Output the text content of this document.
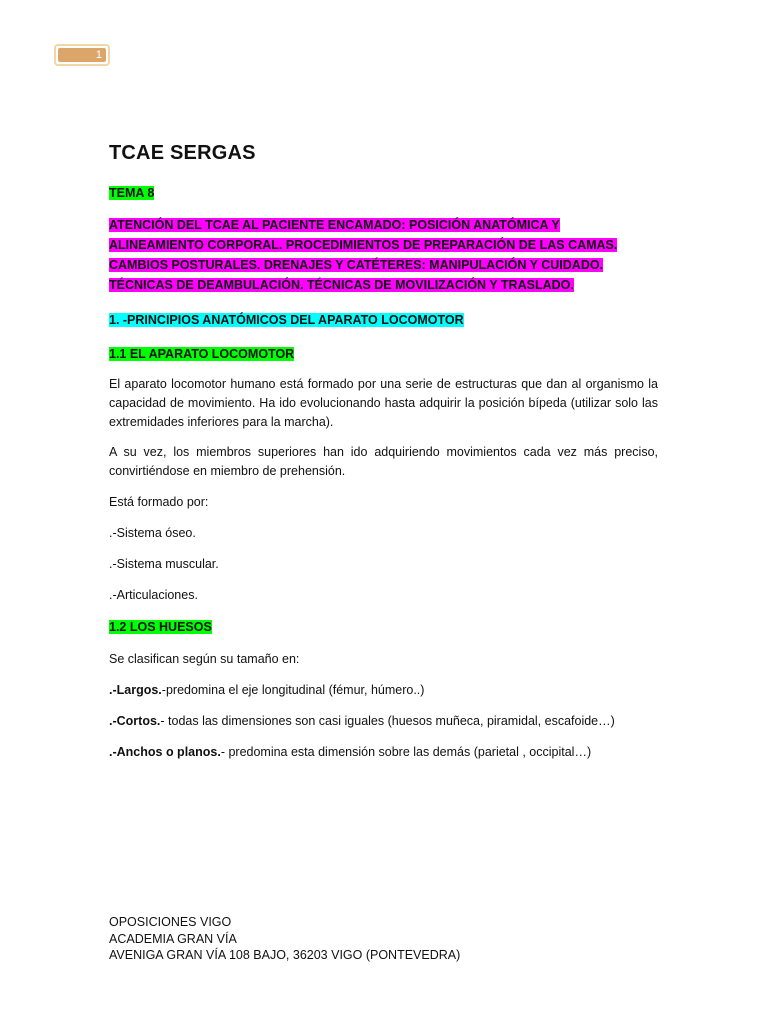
1
TCAE SERGAS
TEMA 8
ATENCIÓN DEL TCAE AL PACIENTE ENCAMADO: POSICIÓN ANATÓMICA Y
ALINEAMIENTO CORPORAL. PROCEDIMIENTOS DE PREPARACIÓN DE LAS CAMAS.
CAMBIOS POSTURALES. DRENAJES Y CATÉTERES: MANIPULACIÓN Y CUIDADO.
TÉCNICAS DE DEAMBULACIÓN. TÉCNICAS DE MOVILIZACIÓN Y TRASLADO.
1. -PRINCIPIOS ANATÓMICOS DEL APARATO LOCOMOTOR
1.1 EL APARATO LOCOMOTOR
El aparato locomotor humano está formado por una serie de estructuras que dan al organismo la capacidad de movimiento. Ha ido evolucionando hasta adquirir la posición bípeda (utilizar solo las extremidades inferiores para la marcha).
A su vez, los miembros superiores han ido adquiriendo movimientos cada vez más preciso, convirtiéndose en miembro de prehensión.
Está formado por:
.-Sistema óseo.
.-Sistema muscular.
.-Articulaciones.
1.2 LOS HUESOS
Se clasifican según su tamaño en:
.-Largos.-predomina el eje longitudinal (fémur, húmero..)
.-Cortos.- todas las dimensiones son casi iguales (huesos muñeca, piramidal, escafoide…)
.-Anchos o planos.- predomina esta dimensión sobre las demás (parietal , occipital…)
OPOSICIONES VIGO
ACADEMIA GRAN VÍA
AVENIGA GRAN VÍA 108 BAJO, 36203 VIGO (PONTEVEDRA)
